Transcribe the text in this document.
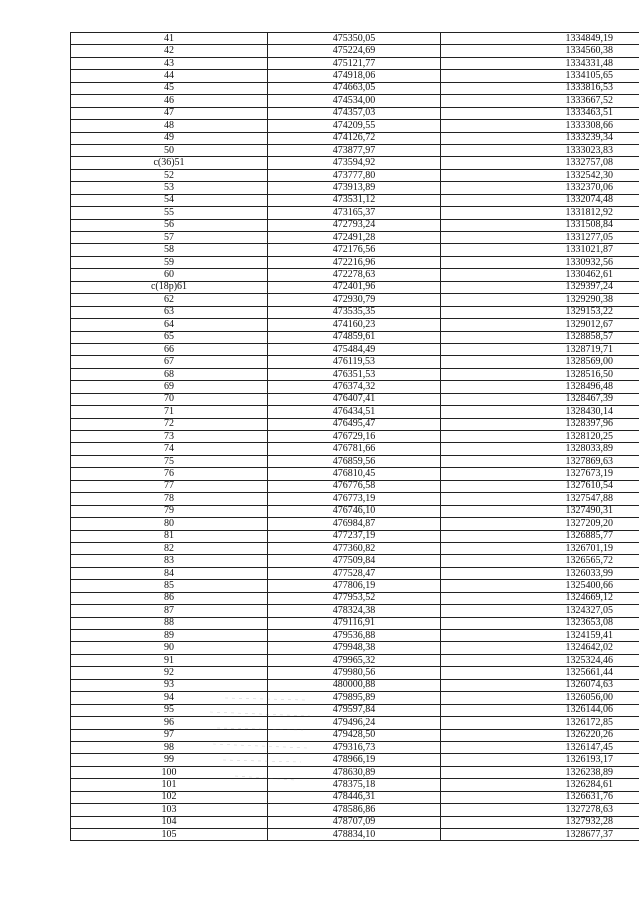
41	475350,05	1334849,19
42	475224,69	1334560,38
43	475121,77	1334331,48
44	474918,06	1334105,65
45	474663,05	1333816,53
46	474534,00	1333667,52
47	474357,03	1333463,51
48	474209,55	1333308,66
49	474126,72	1333239,34
50	473877,97	1333023,83
c(36)51	473594,92	1332757,08
52	473777,80	1332542,30
53	473913,89	1332370,06
54	473531,12	1332074,48
55	473165,37	1331812,92
56	472793,24	1331508,84
57	472491,28	1331277,05
58	472176,56	1331021,87
59	472216,96	1330932,56
60	472278,63	1330462,61
c(18p)61	472401,96	1329397,24
62	472930,79	1329290,38
63	473535,35	1329153,22
64	474160,23	1329012,67
65	474859,61	1328858,57
66	475484,49	1328719,71
67	476119,53	1328569,00
68	476351,53	1328516,50
69	476374,32	1328496,48
70	476407,41	1328467,39
71	476434,51	1328430,14
72	476495,47	1328397,96
73	476729,16	1328120,25
74	476781,66	1328033,89
75	476859,56	1327869,63
76	476810,45	1327673,19
77	476776,58	1327610,54
78	476773,19	1327547,88
79	476746,10	1327490,31
80	476984,87	1327209,20
81	477237,19	1326885,77
82	477360,82	1326701,19
83	477509,84	1326565,72
84	477528,47	1326033,99
85	477806,19	1325400,66
86	477953,52	1324669,12
87	478324,38	1324327,05
88	479116,91	1323653,08
89	479536,88	1324159,41
90	479948,38	1324642,02
91	479965,32	1325324,46
92	479980,56	1325661,44
93	480000,88	1326074,63
94	479895,89	1326056,00
95	479597,84	1326144,06
96	479496,24	1326172,85
97	479428,50	1326220,26
98	479316,73	1326147,45
99	478966,19	1326193,17
100	478630,89	1326238,89
101	478375,18	1326284,61
102	478446,31	1326631,76
103	478586,86	1327278,63
104	478707,09	1327932,28
105	478834,10	1328677,37
